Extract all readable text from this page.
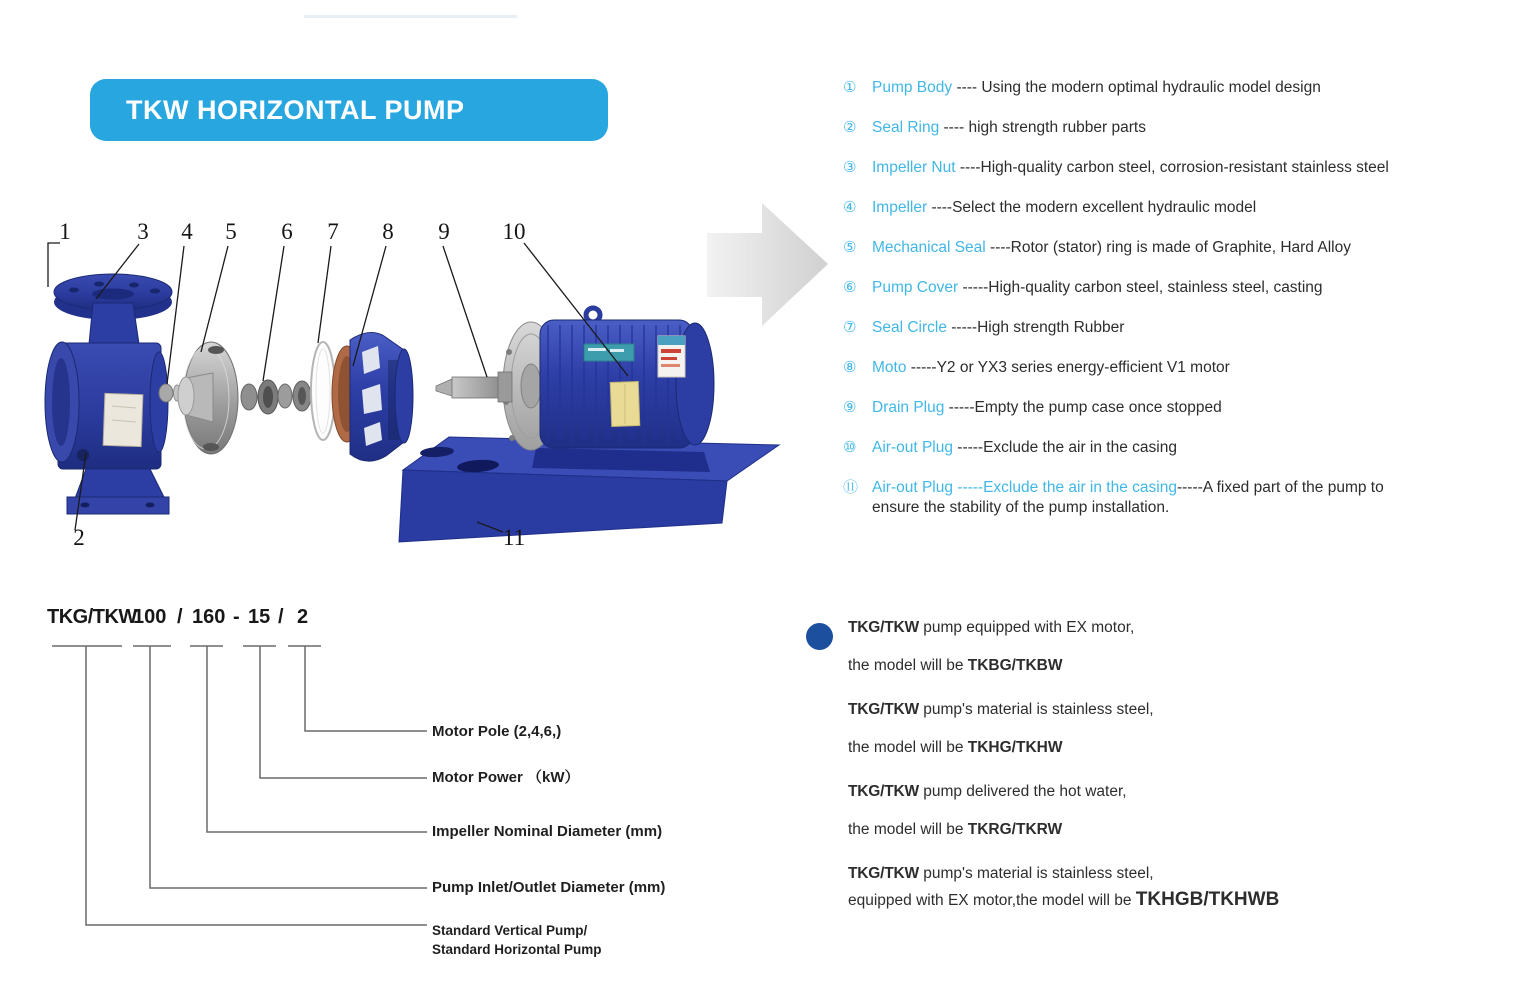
TKW HORIZONTAL PUMP
1
2
3 4 5 6 7 8 9 10
11
① Pump Body ---- Using the modern optimal hydraulic model design
② Seal Ring ---- high strength rubber parts
③ Impeller Nut ----High-quality carbon steel, corrosion-resistant stainless steel
④ Impeller ----Select the modern excellent hydraulic model
⑤ Mechanical Seal ----Rotor (stator) ring is made of Graphite, Hard Alloy
⑥ Pump Cover -----High-quality carbon steel, stainless steel, casting
⑦ Seal Circle -----High strength Rubber
⑧ Moto -----Y2 or YX3 series energy-efficient V1 motor
⑨ Drain Plug -----Empty the pump case once stopped
⑩ Air-out Plug -----Exclude the air in the casing
⑪ Air-out Plug -----Exclude the air in the casing-----A fixed part of the pump to
ensure the stability of the pump installation.
TKG/TKW
100 / 160 - 15 / 2
Motor Pole (2,4,6,)
Motor Power （kW）
Impeller Nominal Diameter (mm)
Pump Inlet/Outlet Diameter (mm)
Standard Vertical Pump/
Standard Horizontal Pump
TKG/TKW pump equipped with EX motor,
the model will be TKBG/TKBW
TKG/TKW pump's material is stainless steel,
the model will be TKHG/TKHW
TKG/TKW pump delivered the hot water,
the model will be TKRG/TKRW
TKG/TKW pump's material is stainless steel,
equipped with EX motor,the model will be TKHGB/TKHWB
